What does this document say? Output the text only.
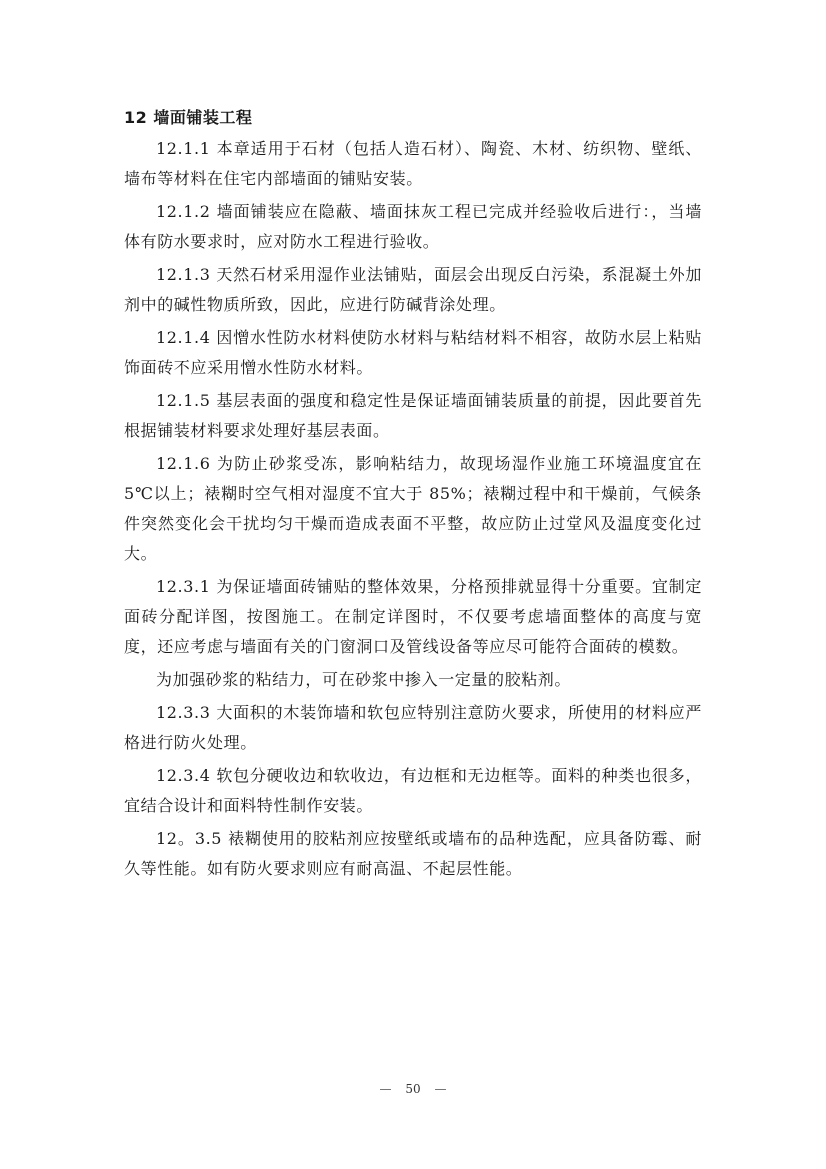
12 墙面铺装工程

12.1.1 本章适用于石材（包括人造石材）、陶瓷、木材、纺织物、壁纸、墙布等材料在住宅内部墙面的铺贴安装。

12.1.2 墙面铺装应在隐蔽、墙面抹灰工程已完成并经验收后进行：，当墙体有防水要求时，应对防水工程进行验收。

12.1.3 天然石材采用湿作业法铺贴，面层会出现反白污染，系混凝土外加剂中的碱性物质所致，因此，应进行防碱背涂处理。

12.1.4 因憎水性防水材料使防水材料与粘结材料不相容，故防水层上粘贴饰面砖不应采用憎水性防水材料。

12.1.5 基层表面的强度和稳定性是保证墙面铺装质量的前提，因此要首先根据铺装材料要求处理好基层表面。

12.1.6 为防止砂浆受冻，影响粘结力，故现场湿作业施工环境温度宜在 5℃以上；裱糊时空气相对湿度不宜大于 85%；裱糊过程中和干燥前，气候条件突然变化会干扰均匀干燥而造成表面不平整，故应防止过堂风及温度变化过大。

12.3.1 为保证墙面砖铺贴的整体效果，分格预排就显得十分重要。宜制定面砖分配详图，按图施工。在制定详图时，不仅要考虑墙面整体的高度与宽度，还应考虑与墙面有关的门窗洞口及管线设备等应尽可能符合面砖的模数。

为加强砂浆的粘结力，可在砂浆中掺入一定量的胶粘剂。

12.3.3 大面积的木装饰墙和软包应特别注意防火要求，所使用的材料应严格进行防火处理。

12.3.4 软包分硬收边和软收边，有边框和无边框等。面料的种类也很多，宜结合设计和面料特性制作安装。

12。3.5 裱糊使用的胶粘剂应按壁纸或墙布的品种选配，应具备防霉、耐久等性能。如有防火要求则应有耐高温、不起层性能。

— 50 —
